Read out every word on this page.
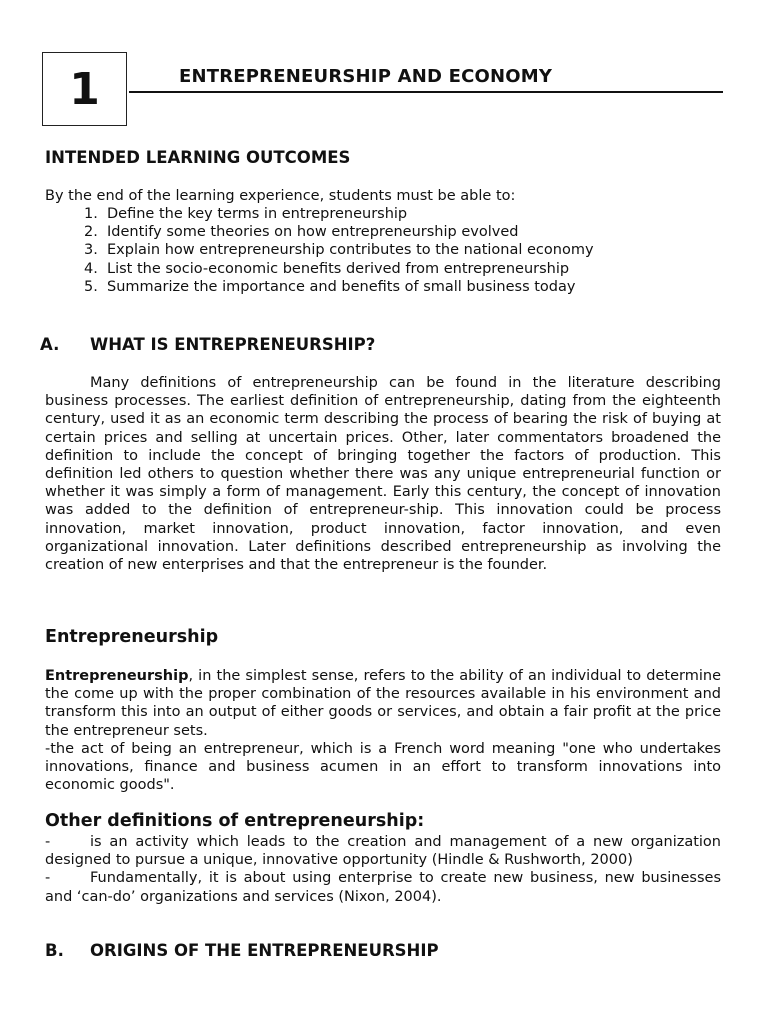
1	ENTREPRENEURSHIP AND ECONOMY
INTENDED LEARNING OUTCOMES
By the end of the learning experience, students must be able to:
1. Define the key terms in entrepreneurship
2. Identify some theories on how entrepreneurship evolved
3. Explain how entrepreneurship contributes to the national economy
4. List the socio-economic benefits derived from entrepreneurship
5. Summarize the importance and benefits of small business today
A.	WHAT IS ENTREPRENEURSHIP?

Many definitions of entrepreneurship can be found in the literature describing business processes. The earliest definition of entrepreneurship, dating from the eighteenth century, used it as an economic term describing the process of bearing the risk of buying at certain prices and selling at uncertain prices. Other, later commentators broadened the definition to include the concept of bringing together the factors of production. This definition led others to question whether there was any unique entrepreneurial function or whether it was simply a form of management. Early this century, the concept of innovation was added to the definition of entrepreneur-ship. This innovation could be process innovation, market innovation, product innovation, factor innovation, and even organizational innovation. Later definitions described entrepreneurship as involving the creation of new enterprises and that the entrepreneur is the founder.

Entrepreneurship
Entrepreneurship, in the simplest sense, refers to the ability of an individual to determine the come up with the proper combination of the resources available in his environment and transform this into an output of either goods or services, and obtain a fair profit at the price the entrepreneur sets.
-the act of being an entrepreneur, which is a French word meaning "one who undertakes innovations, finance and business acumen in an effort to transform innovations into economic goods".
Other definitions of entrepreneurship:
-	is an activity which leads to the creation and management of a new organization designed to pursue a unique, innovative opportunity (Hindle & Rushworth, 2000)
-	Fundamentally, it is about using enterprise to create new business, new businesses and ‘can-do’ organizations and services (Nixon, 2004).
B.	ORIGINS OF THE ENTREPRENEURSHIP
